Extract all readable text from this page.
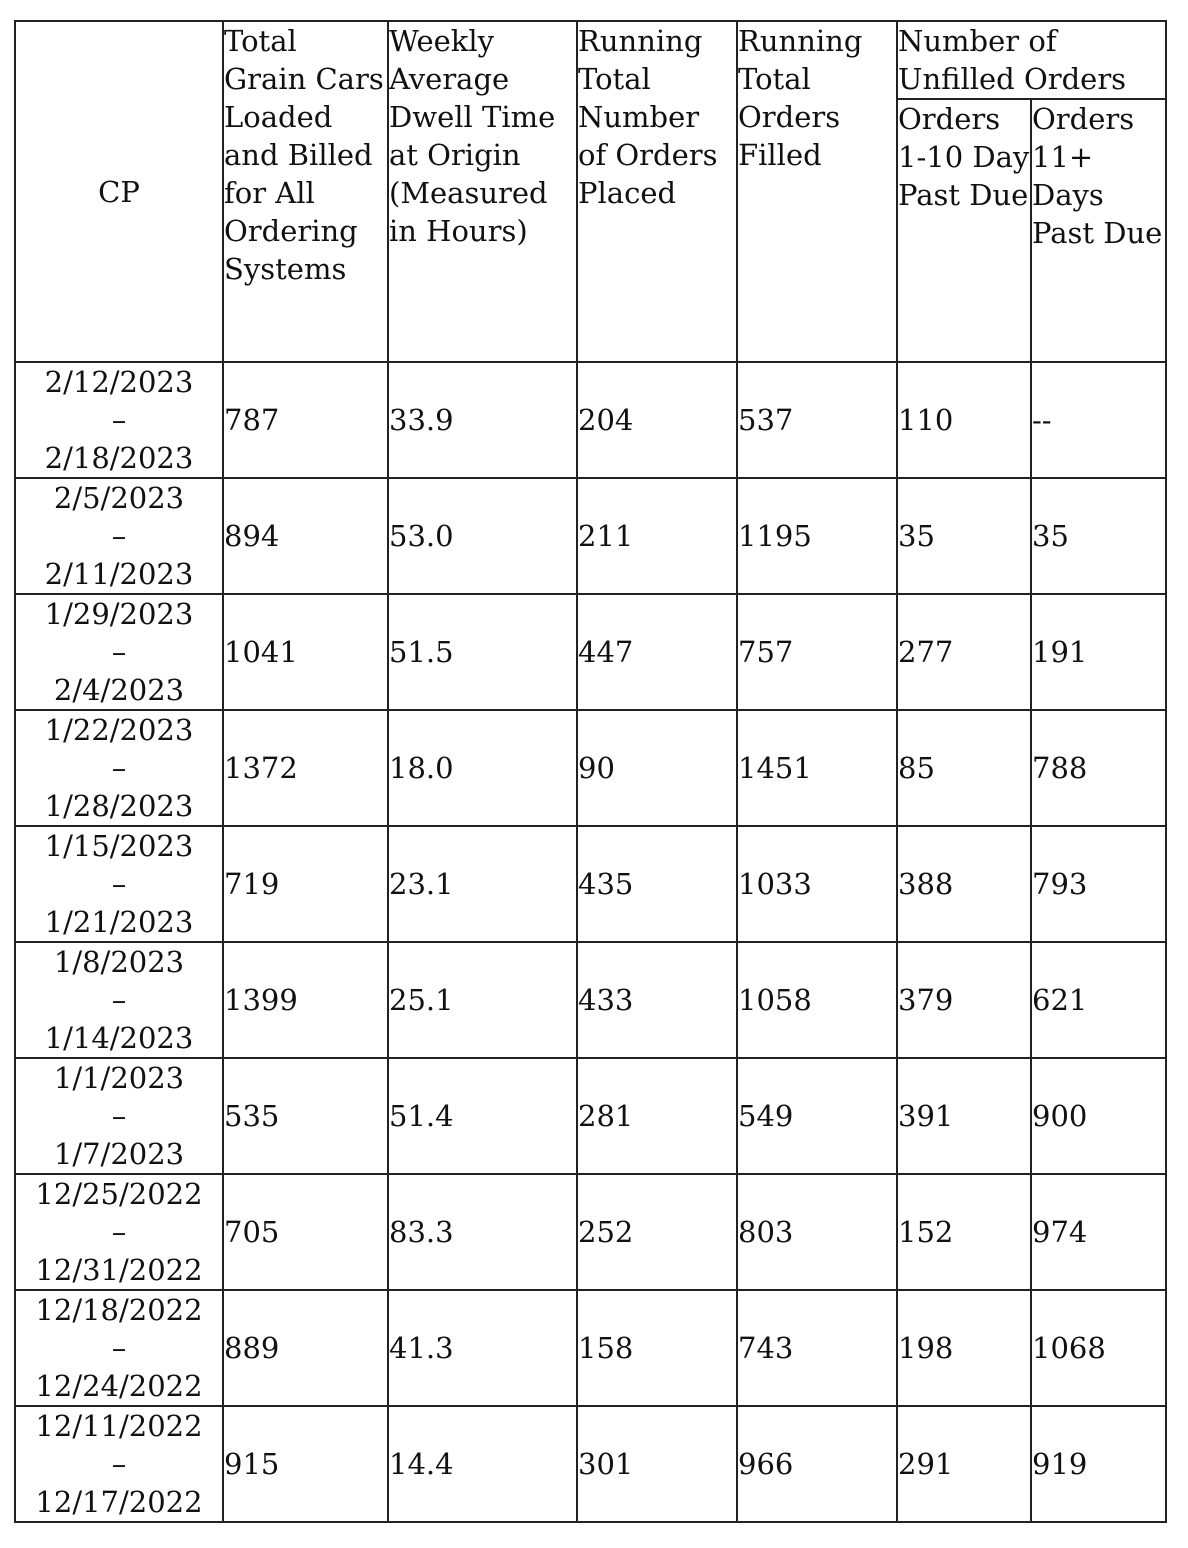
CP	Total Grain Cars Loaded and Billed for All Ordering Systems	Weekly Average Dwell Time at Origin (Measured in Hours)	Running Total Number of Orders Placed	Running Total Orders Filled	Number of Unfilled Orders	
					Orders 1-10 Day Past Due	Orders 11+ Days Past Due

2/12/2023
–
2/18/2023	787	33.9	204	537	110	--

2/5/2023
–
2/11/2023	894	53.0	211	1195	35	35

1/29/2023
–
2/4/2023	1041	51.5	447	757	277	191

1/22/2023
–
1/28/2023	1372	18.0	90	1451	85	788

1/15/2023
–
1/21/2023	719	23.1	435	1033	388	793

1/8/2023
–
1/14/2023	1399	25.1	433	1058	379	621

1/1/2023
–
1/7/2023	535	51.4	281	549	391	900

12/25/2022
–
12/31/2022	705	83.3	252	803	152	974

12/18/2022
–
12/24/2022	889	41.3	158	743	198	1068

12/11/2022
–
12/17/2022	915	14.4	301	966	291	919
